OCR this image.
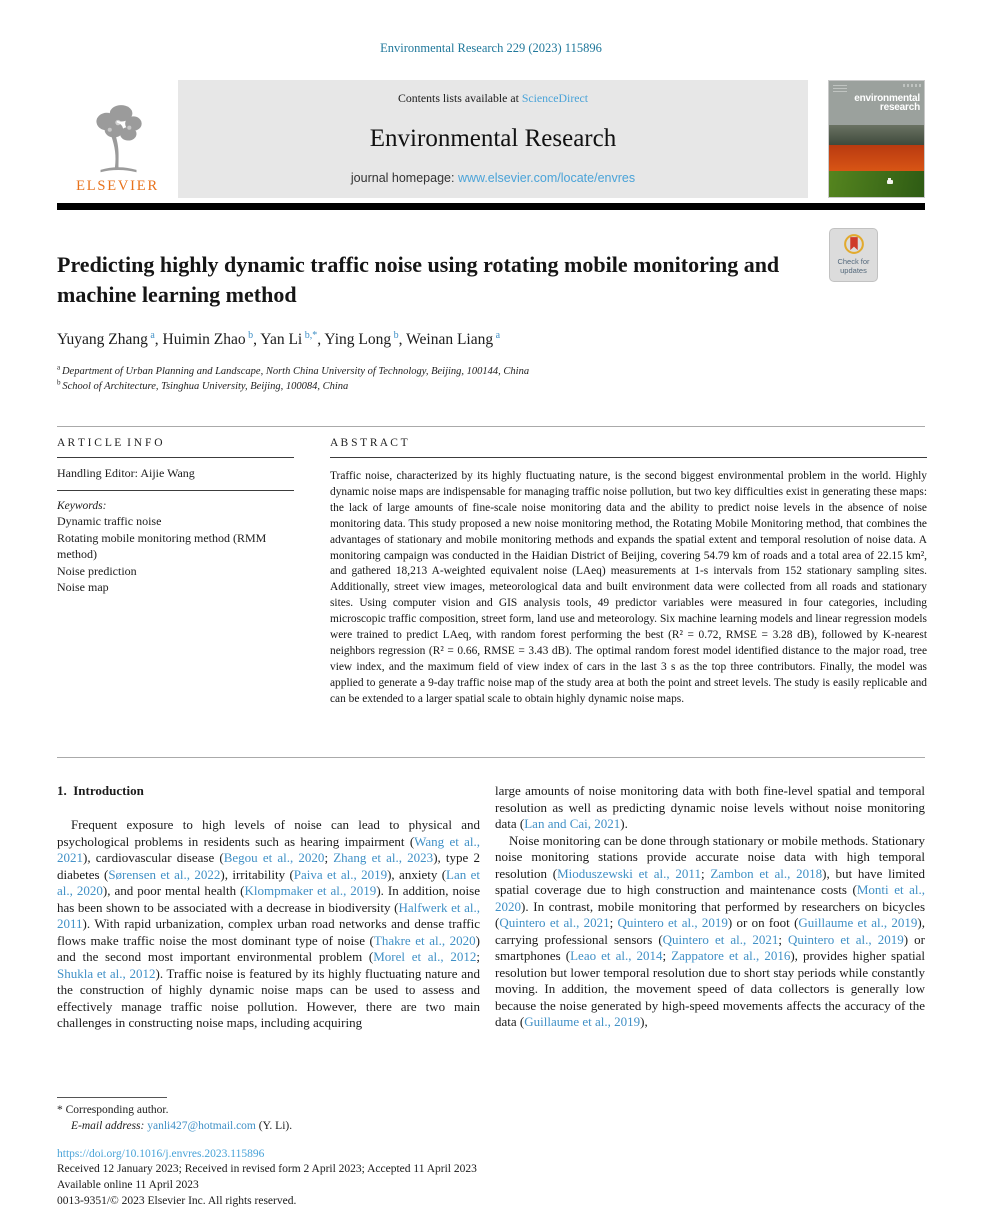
Environmental Research 229 (2023) 115896
ELSEVIER
Contents lists available at ScienceDirect
Environmental Research
journal homepage: www.elsevier.com/locate/envres
environmental
research
Check for
updates
Predicting highly dynamic traffic noise using rotating mobile monitoring and machine learning method
Yuyang Zhang $^a$, Huimin Zhao $^b$, Yan Li $^{b,*}$, Ying Long $^b$, Weinan Liang $^a$
$^a$ Department of Urban Planning and Landscape, North China University of Technology, Beijing, 100144, China
$^b$ School of Architecture, Tsinghua University, Beijing, 100084, China
A R T I C L E  I N F O
Handling Editor: Aijie Wang
Keywords:
Dynamic traffic noise
Rotating mobile monitoring method (RMM method)
Noise prediction
Noise map
A B S T R A C T
Traffic noise, characterized by its highly fluctuating nature, is the second biggest environmental problem in the world. Highly dynamic noise maps are indispensable for managing traffic noise pollution, but two key difficulties exist in generating these maps: the lack of large amounts of fine-scale noise monitoring data and the ability to predict noise levels in the absence of noise monitoring data. This study proposed a new noise monitoring method, the Rotating Mobile Monitoring method, that combines the advantages of stationary and mobile monitoring methods and expands the spatial extent and temporal resolution of noise data. A monitoring campaign was conducted in the Haidian District of Beijing, covering 54.79 km of roads and a total area of 22.15 km², and gathered 18,213 A-weighted equivalent noise (LAeq) measurements at 1-s intervals from 152 stationary sampling sites. Additionally, street view images, meteorological data and built environment data were collected from all roads and stationary sites. Using computer vision and GIS analysis tools, 49 predictor variables were measured in four categories, including microscopic traffic composition, street form, land use and meteorology. Six machine learning models and linear regression models were trained to predict LAeq, with random forest performing the best (R² = 0.72, RMSE = 3.28 dB), followed by K-nearest neighbors regression (R² = 0.66, RMSE = 3.43 dB). The optimal random forest model identified distance to the major road, tree view index, and the maximum field of view index of cars in the last 3 s as the top three contributors. Finally, the model was applied to generate a 9-day traffic noise map of the study area at both the point and street levels. The study is easily replicable and can be extended to a larger spatial scale to obtain highly dynamic noise maps.
1.  Introduction

Frequent exposure to high levels of noise can lead to physical and psychological problems in residents such as hearing impairment (Wang et al., 2021), cardiovascular disease (Begou et al., 2020; Zhang et al., 2023), type 2 diabetes (Sørensen et al., 2022), irritability (Paiva et al., 2019), anxiety (Lan et al., 2020), and poor mental health (Klompmaker et al., 2019). In addition, noise has been shown to be associated with a decrease in biodiversity (Halfwerk et al., 2011). With rapid urbanization, complex urban road networks and dense traffic flows make traffic noise the most dominant type of noise (Thakre et al., 2020) and the second most important environmental problem (Morel et al., 2012; Shukla et al., 2012). Traffic noise is featured by its highly fluctuating nature and the construction of highly dynamic noise maps can be used to assess and effectively manage traffic noise pollution. However, there are two main challenges in constructing noise maps, including acquiring

large amounts of noise monitoring data with both fine-level spatial and temporal resolution as well as predicting dynamic noise levels without noise monitoring data (Lan and Cai, 2021).

Noise monitoring can be done through stationary or mobile methods. Stationary noise monitoring stations provide accurate noise data with high temporal resolution (Mioduszewski et al., 2011; Zambon et al., 2018), but have limited spatial coverage due to high construction and maintenance costs (Monti et al., 2020). In contrast, mobile monitoring that performed by researchers on bicycles (Quintero et al., 2021; Quintero et al., 2019) or on foot (Guillaume et al., 2019), carrying professional sensors (Quintero et al., 2021; Quintero et al., 2019) or smartphones (Leao et al., 2014; Zappatore et al., 2016), provides higher spatial resolution but lower temporal resolution due to short stay periods while constantly moving. In addition, the movement speed of data collectors is generally low because the noise generated by high-speed movements affects the accuracy of the data (Guillaume et al., 2019),

* Corresponding author.
E-mail address: yanli427@hotmail.com (Y. Li).
https://doi.org/10.1016/j.envres.2023.115896
Received 12 January 2023; Received in revised form 2 April 2023; Accepted 11 April 2023
Available online 11 April 2023
0013-9351/© 2023 Elsevier Inc. All rights reserved.
